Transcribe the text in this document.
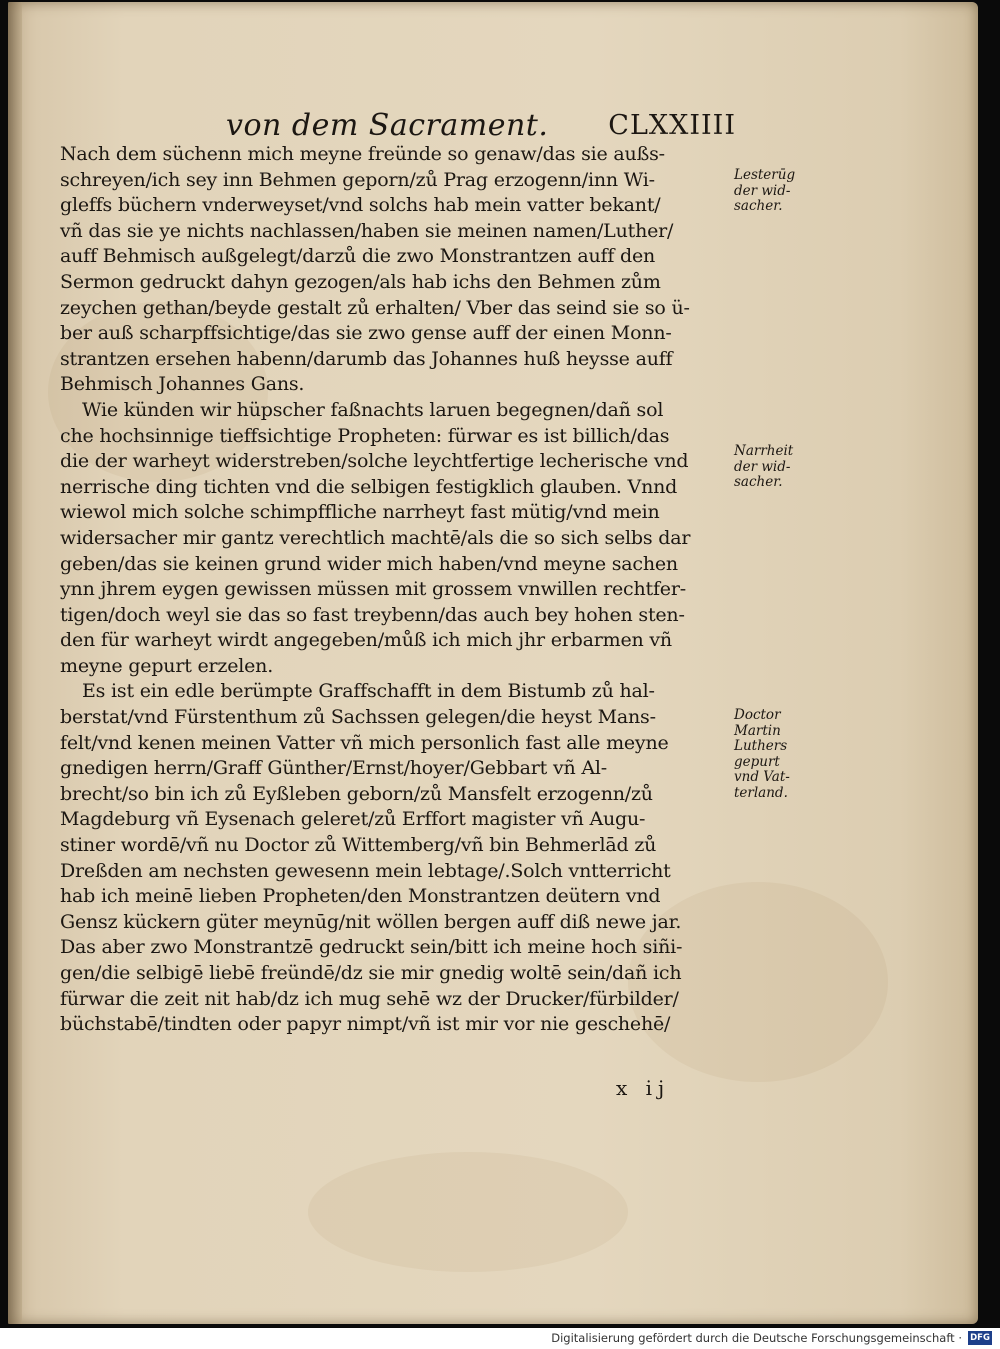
von dem Sacrament. CLXXIIII
Nach dem süchenn mich meyne freünde so genaw/das sie außs-
schreyen/ich sey inn Behmen geporn/zů Prag erzogenn/inn Wi-
gleffs büchern vnderweyset/vnd solchs hab mein vatter bekant/
vñ das sie ye nichts nachlassen/haben sie meinen namen/Luther/
auff Behmisch außgelegt/darzů die zwo Monstrantzen auff den
Sermon gedruckt dahyn gezogen/als hab ichs den Behmen zům
zeychen gethan/beyde gestalt zů erhalten/ Vber das seind sie so ü-
ber auß scharpffsichtige/das sie zwo gense auff der einen Monn-
strantzen ersehen habenn/darumb das Johannes huß heysse auff
Behmisch Johannes Gans.
Wie künden wir hüpscher faßnachts laruen begegnen/dañ sol
che hochsinnige tieffsichtige Propheten: fürwar es ist billich/das
die der warheyt widerstreben/solche leychtfertige lecherische vnd
nerrische ding tichten vnd die selbigen festigklich glauben. Vnnd
wiewol mich solche schimpffliche narrheyt fast mütig/vnd mein
widersacher mir gantz verechtlich machtē/als die so sich selbs dar
geben/das sie keinen grund wider mich haben/vnd meyne sachen
ynn jhrem eygen gewissen müssen mit grossem vnwillen rechtfer-
tigen/doch weyl sie das so fast treybenn/das auch bey hohen sten-
den für warheyt wirdt angegeben/můß ich mich jhr erbarmen vñ
meyne gepurt erzelen.
Es ist ein edle berümpte Graffschafft in dem Bistumb zů hal-
berstat/vnd Fürstenthum zů Sachssen gelegen/die heyst Mans-
felt/vnd kenen meinen Vatter vñ mich personlich fast alle meyne
gnedigen herrn/Graff Günther/Ernst/hoyer/Gebbart vñ Al-
brecht/so bin ich zů Eyßleben geborn/zů Mansfelt erzogenn/zů
Magdeburg vñ Eysenach geleret/zů Erffort magister vñ Augu-
stiner wordē/vñ nu Doctor zů Wittemberg/vñ bin Behmerlād zů
Dreßden am nechsten gewesenn mein lebtage/.Solch vntterricht
hab ich meinē lieben Propheten/den Monstrantzen deütern vnd
Gensz kückern güter meynūg/nit wöllen bergen auff diß newe jar.
Das aber zwo Monstrantzē gedruckt sein/bitt ich meine hoch siñi-
gen/die selbigē liebē freündē/dz sie mir gnedig woltē sein/dañ ich
fürwar die zeit nit hab/dz ich mug sehē wz der Drucker/fürbilder/
büchstabē/tindten oder papyr nimpt/vñ ist mir vor nie geschehē/
Lesterūg
der wid-
sacher.
Narrheit
der wid-
sacher.
Doctor
Martin
Luthers
gepurt
vnd Vat-
terland.
x ij
Digitalisierung gefördert durch die Deutsche Forschungsgemeinschaft · DFG
